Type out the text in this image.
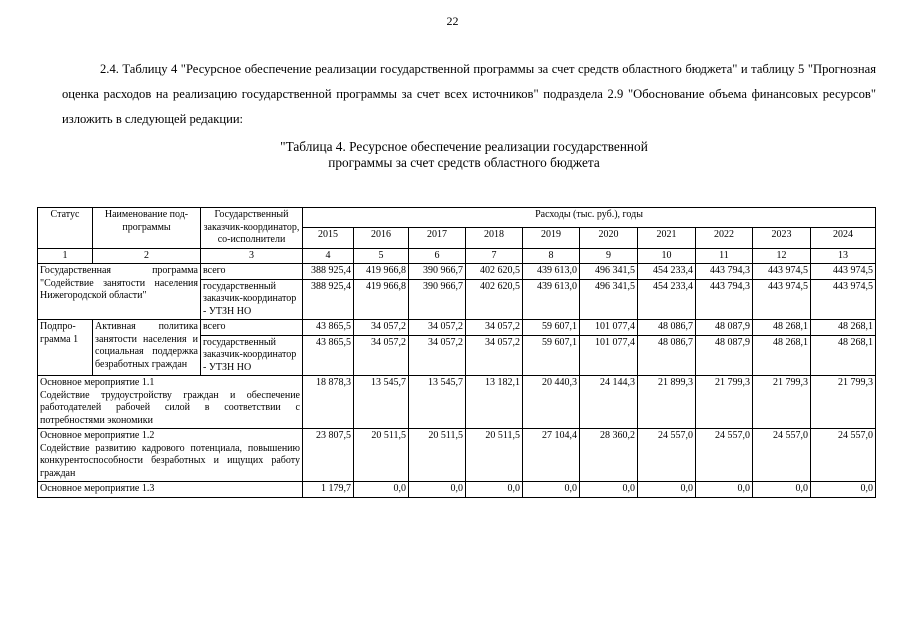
22
2.4. Таблицу 4 "Ресурсное обеспечение реализации государственной программы за счет средств областного бюджета" и таблицу 5 "Прогнозная оценка расходов на реализацию государственной программы за счет всех источников" подраздела 2.9 "Обоснование объема финансовых ресурсов" изложить в следующей редакции:
"Таблица 4. Ресурсное обеспечение реализации государственной программы за счет средств областного бюджета
Статус	Наименование под-программы	Государственный заказчик-координатор, со-исполнители	Расходы (тыс. руб.), годы									
			2015	2016	2017	2018	2019	2020	2021	2022	2023	2024
1	2	3	4	5	6	7	8	9	10	11	12	13
Государственная программа "Содействие занятости населения Нижегородской области"		всего	388 925,4	419 966,8	390 966,7	402 620,5	439 613,0	496 341,5	454 233,4	443 794,3	443 974,5	443 974,5
		государственный заказчик-координатор - УТЗН НО	388 925,4	419 966,8	390 966,7	402 620,5	439 613,0	496 341,5	454 233,4	443 794,3	443 974,5	443 974,5
Подпро-грамма 1	Активная политика занятости населения и социальная поддержка безработных граждан	всего	43 865,5	34 057,2	34 057,2	34 057,2	59 607,1	101 077,4	48 086,7	48 087,9	48 268,1	48 268,1
		государственный заказчик-координатор - УТЗН НО	43 865,5	34 057,2	34 057,2	34 057,2	59 607,1	101 077,4	48 086,7	48 087,9	48 268,1	48 268,1

Основное мероприятие 1.1
Содействие трудоустройству граждан и обеспечение работодателей рабочей силой в соответствии с потребностями экономики			18 878,3	13 545,7	13 545,7	13 182,1	20 440,3	24 144,3	21 899,3	21 799,3	21 799,3	21 799,3

Основное мероприятие 1.2
Содействие развитию кадрового потенциала, повышению конкурентоспособности безработных и ищущих работу граждан			23 807,5	20 511,5	20 511,5	20 511,5	27 104,4	28 360,2	24 557,0	24 557,0	24 557,0	24 557,0

Основное мероприятие 1.3			1 179,7	0,0	0,0	0,0	0,0	0,0	0,0	0,0	0,0	0,0
